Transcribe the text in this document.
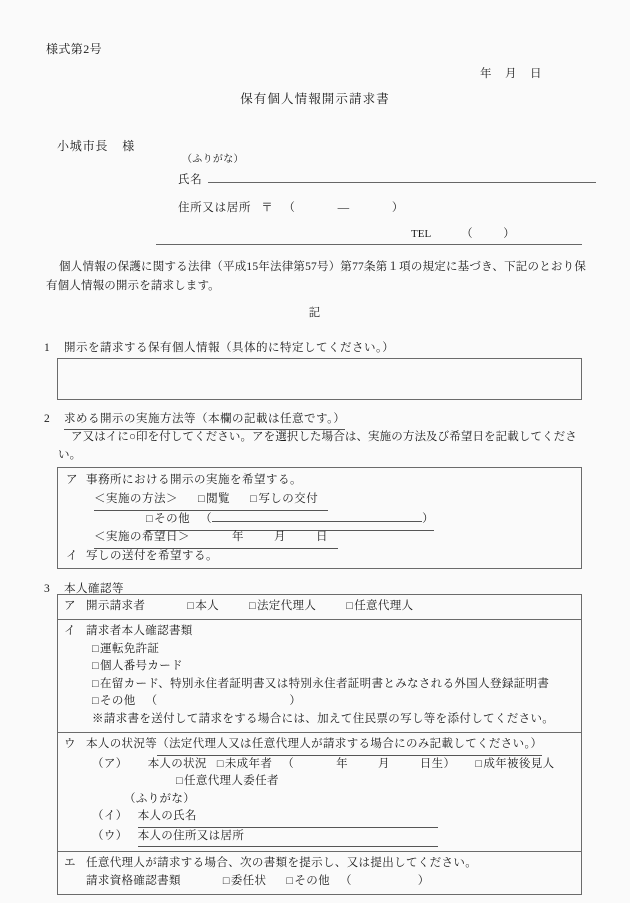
様式第2号
年 月 日
保有個人情報開示請求書
小城市長 様
（ふりがな）
氏名
住所又は居所 〒 （	—	）
TEL	（	）
個人情報の保護に関する法律（平成15年法律第57号）第77条第１項の規定に基づき、下記のとおり保有個人情報の開示を請求します。
記
1 開示を請求する保有個人情報（具体的に特定してください。）
2 求める開示の実施方法等（本欄の記載は任意です。）
ア又はイに○印を付してください。アを選択した場合は、実施の方法及び希望日を記載してください。
ア 事務所における開示の実施を希望する。
＜実施の方法＞ □ 閲覧 □ 写しの交付
□ その他 （	）
＜実施の希望日＞	年	月	日
イ 写しの送付を希望する。
3 本人確認等
ア 開示請求者	□ 本人	□ 法定代理人	□ 任意代理人

イ 請求者本人確認書類
□ 運転免許証
□ 個人番号カード
□ 在留カード、特別永住者証明書又は特別永住者証明書とみなされる外国人登録証明書
□ その他 （	）
※請求書を送付して請求をする場合には、加えて住民票の写し等を添付してください。

ウ 本人の状況等（法定代理人又は任意代理人が請求する場合にのみ記載してください。）
（ア） 本人の状況 □ 未成年者 （	年	月	日生） □ 成年被後見人
□ 任意代理人委任者
（ふりがな）
（イ） 本人の氏名
（ウ） 本人の住所又は居所

エ 任意代理人が請求する場合、次の書類を提示し、又は提出してください。
請求資格確認書類	□ 委任状 □ その他 （	）
